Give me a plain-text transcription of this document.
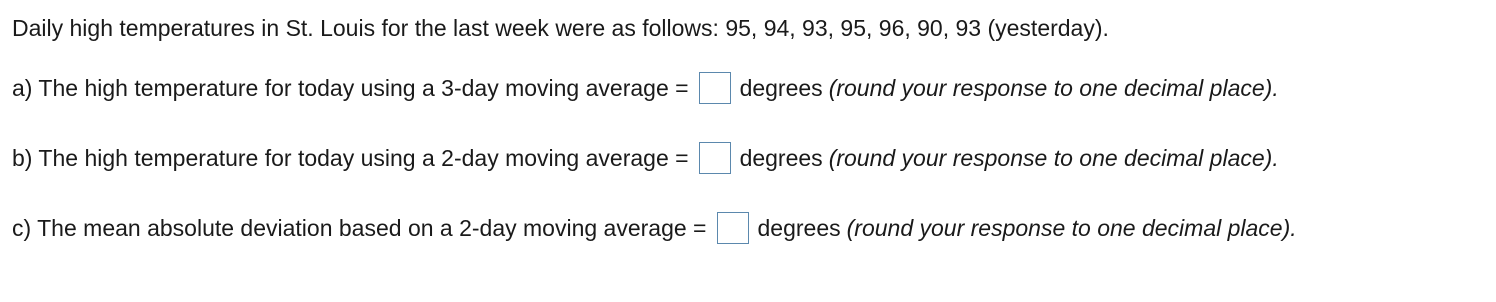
Daily high temperatures in St. Louis for the last week were as follows: 95, 94, 93, 95, 96, 90, 93 (yesterday).
a) The high temperature for today using a 3-day moving average = degrees (round your response to one decimal place).
b) The high temperature for today using a 2-day moving average = degrees (round your response to one decimal place).
c) The mean absolute deviation based on a 2-day moving average = degrees (round your response to one decimal place).
